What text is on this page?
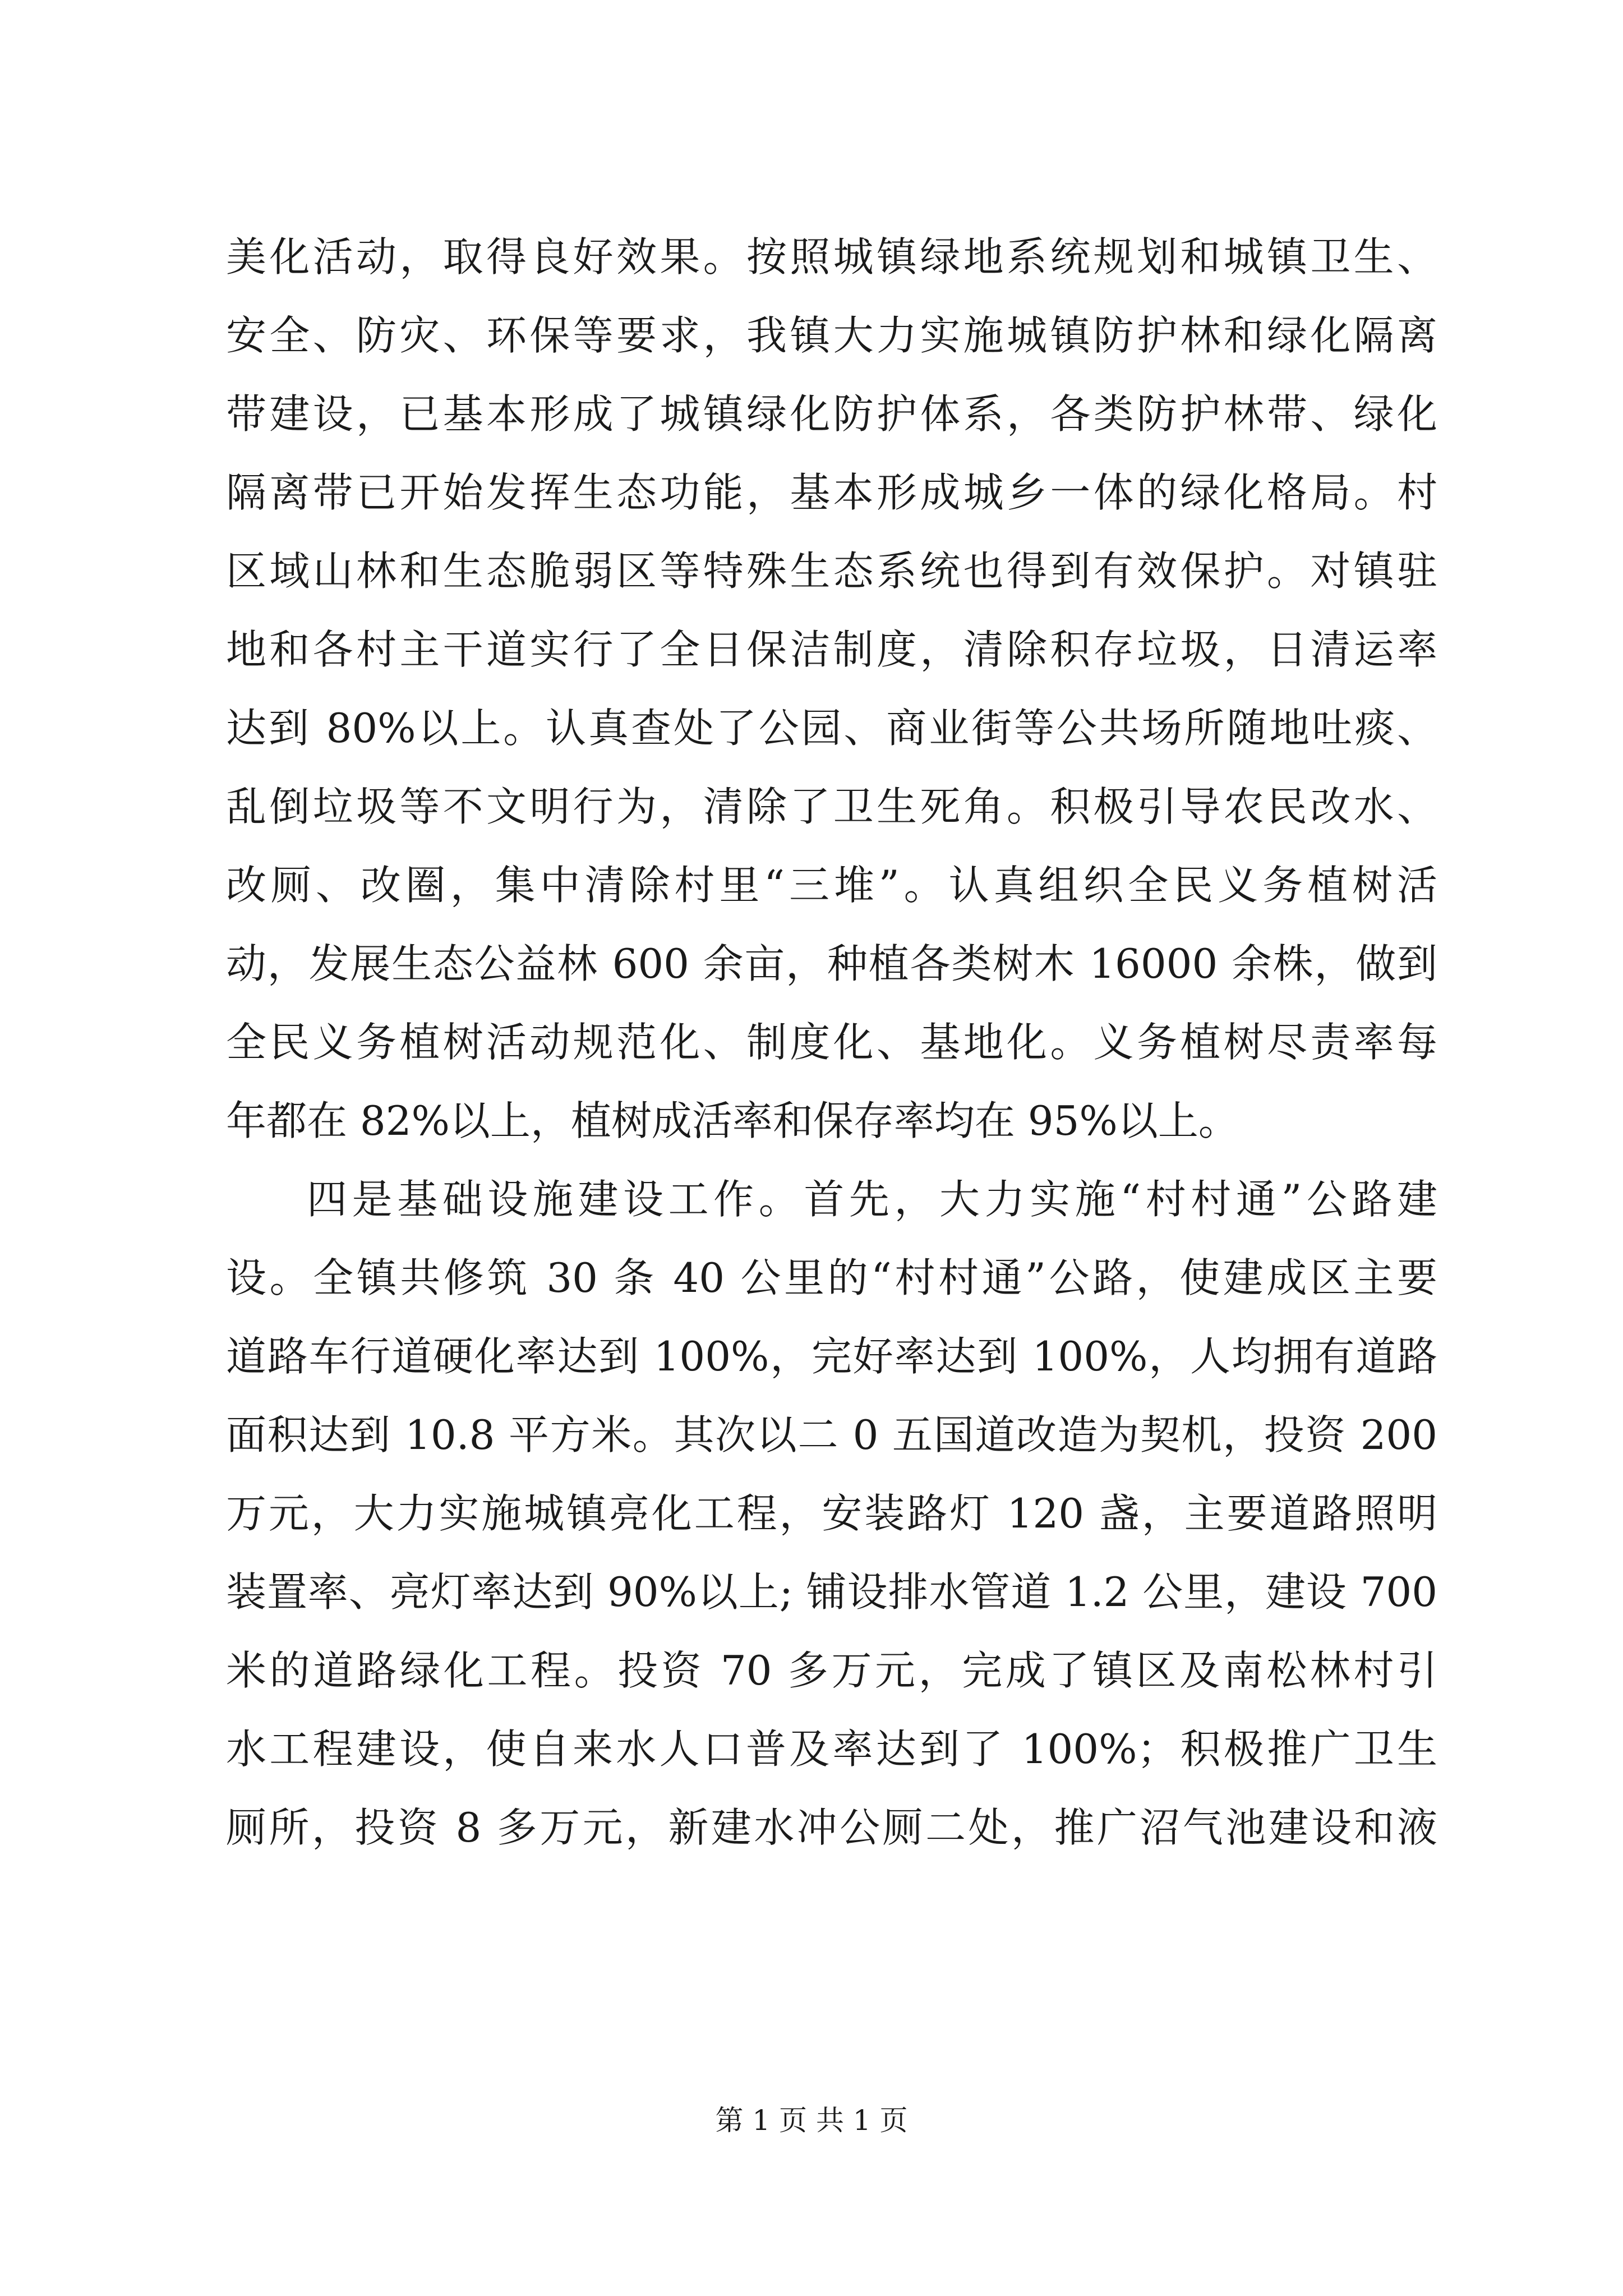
美化活动，取得良好效果。按照城镇绿地系统规划和城镇卫生、
安全、防灾、环保等要求，我镇大力实施城镇防护林和绿化隔离
带建设，已基本形成了城镇绿化防护体系，各类防护林带、绿化
隔离带已开始发挥生态功能，基本形成城乡一体的绿化格局。村
区域山林和生态脆弱区等特殊生态系统也得到有效保护。对镇驻
地和各村主干道实行了全日保洁制度，清除积存垃圾，日清运率
达到 80%以上。认真查处了公园、商业街等公共场所随地吐痰、
乱倒垃圾等不文明行为，清除了卫生死角。积极引导农民改水、
改厕、改圈，集中清除村里“三堆”。认真组织全民义务植树活
动，发展生态公益林 600 余亩，种植各类树木 16000 余株，做到
全民义务植树活动规范化、制度化、基地化。义务植树尽责率每
年都在 82%以上，植树成活率和保存率均在 95%以上。
四是基础设施建设工作。首先，大力实施“村村通”公路建
设。全镇共修筑 30 条 40 公里的“村村通”公路，使建成区主要
道路车行道硬化率达到 100%，完好率达到 100%，人均拥有道路
面积达到 10.8 平方米。其次以二 0 五国道改造为契机，投资 200
万元，大力实施城镇亮化工程，安装路灯 120 盏，主要道路照明
装置率、亮灯率达到 90%以上; 铺设排水管道 1.2 公里，建设 700
米的道路绿化工程。投资 70 多万元，完成了镇区及南松林村引
水工程建设，使自来水人口普及率达到了 100%；积极推广卫生
厕所，投资 8 多万元，新建水冲公厕二处，推广沼气池建设和液
第 1 页 共 1 页
